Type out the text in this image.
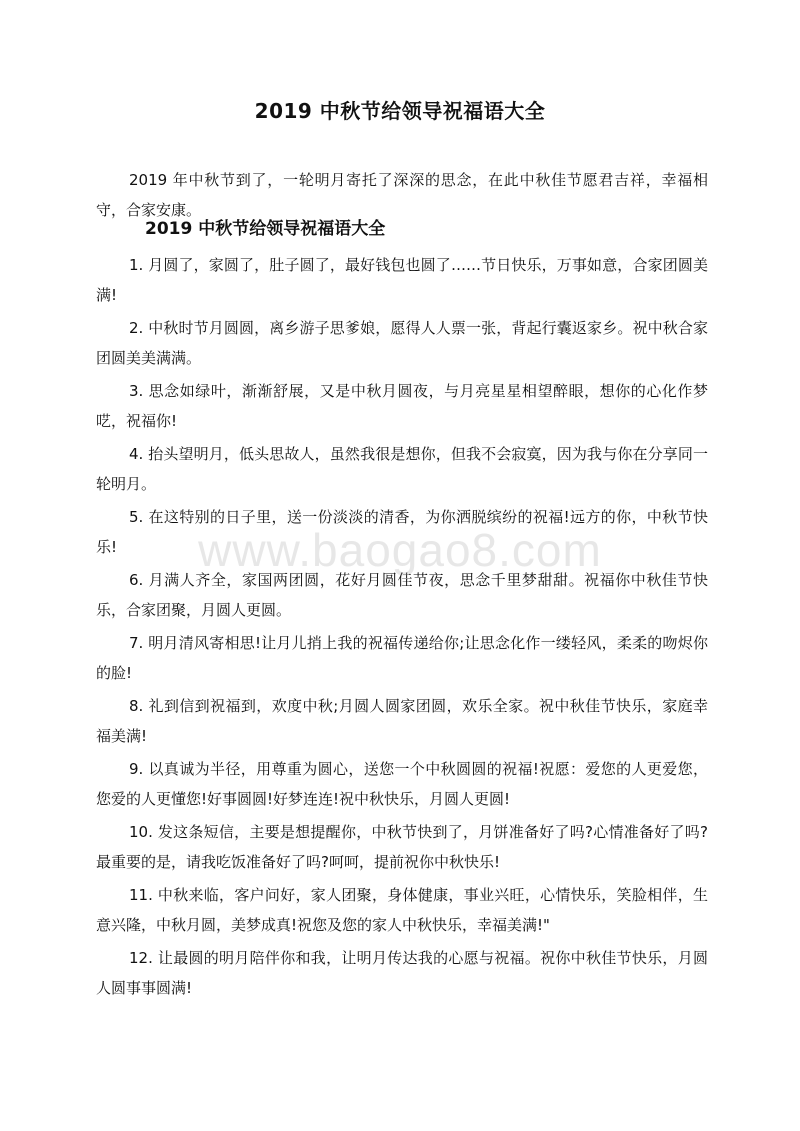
2019 中秋节给领导祝福语大全

2019 年中秋节到了，一轮明月寄托了深深的思念，在此中秋佳节愿君吉祥，幸福相守，合家安康。

2019 中秋节给领导祝福语大全
1. 月圆了，家圆了，肚子圆了，最好钱包也圆了……节日快乐，万事如意，合家团圆美满!
2. 中秋时节月圆圆，离乡游子思爹娘，愿得人人票一张，背起行囊返家乡。祝中秋合家团圆美美满满。
3. 思念如绿叶，渐渐舒展，又是中秋月圆夜，与月亮星星相望醉眼，想你的心化作梦呓，祝福你!
4. 抬头望明月，低头思故人，虽然我很是想你，但我不会寂寞，因为我与你在分享同一轮明月。
5. 在这特别的日子里，送一份淡淡的清香，为你洒脱缤纷的祝福!远方的你，中秋节快乐!
6. 月满人齐全，家国两团圆，花好月圆佳节夜，思念千里梦甜甜。祝福你中秋佳节快乐，合家团聚，月圆人更圆。
7. 明月清风寄相思!让月儿捎上我的祝福传递给你;让思念化作一缕轻风，柔柔的吻烬你的脸!
8. 礼到信到祝福到，欢度中秋;月圆人圆家团圆，欢乐全家。祝中秋佳节快乐，家庭幸福美满!
9. 以真诚为半径，用尊重为圆心，送您一个中秋圆圆的祝福!祝愿：爱您的人更爱您，您爱的人更懂您!好事圆圆!好梦连连!祝中秋快乐，月圆人更圆!
10. 发这条短信，主要是想提醒你，中秋节快到了，月饼准备好了吗?心情准备好了吗?最重要的是，请我吃饭准备好了吗?呵呵，提前祝你中秋快乐!
11. 中秋来临，客户问好，家人团聚，身体健康，事业兴旺，心情快乐，笑脸相伴，生意兴隆，中秋月圆，美梦成真!祝您及您的家人中秋快乐，幸福美满!"
12. 让最圆的明月陪伴你和我，让明月传达我的心愿与祝福。祝你中秋佳节快乐，月圆人圆事事圆满!
www.baogao8.com
